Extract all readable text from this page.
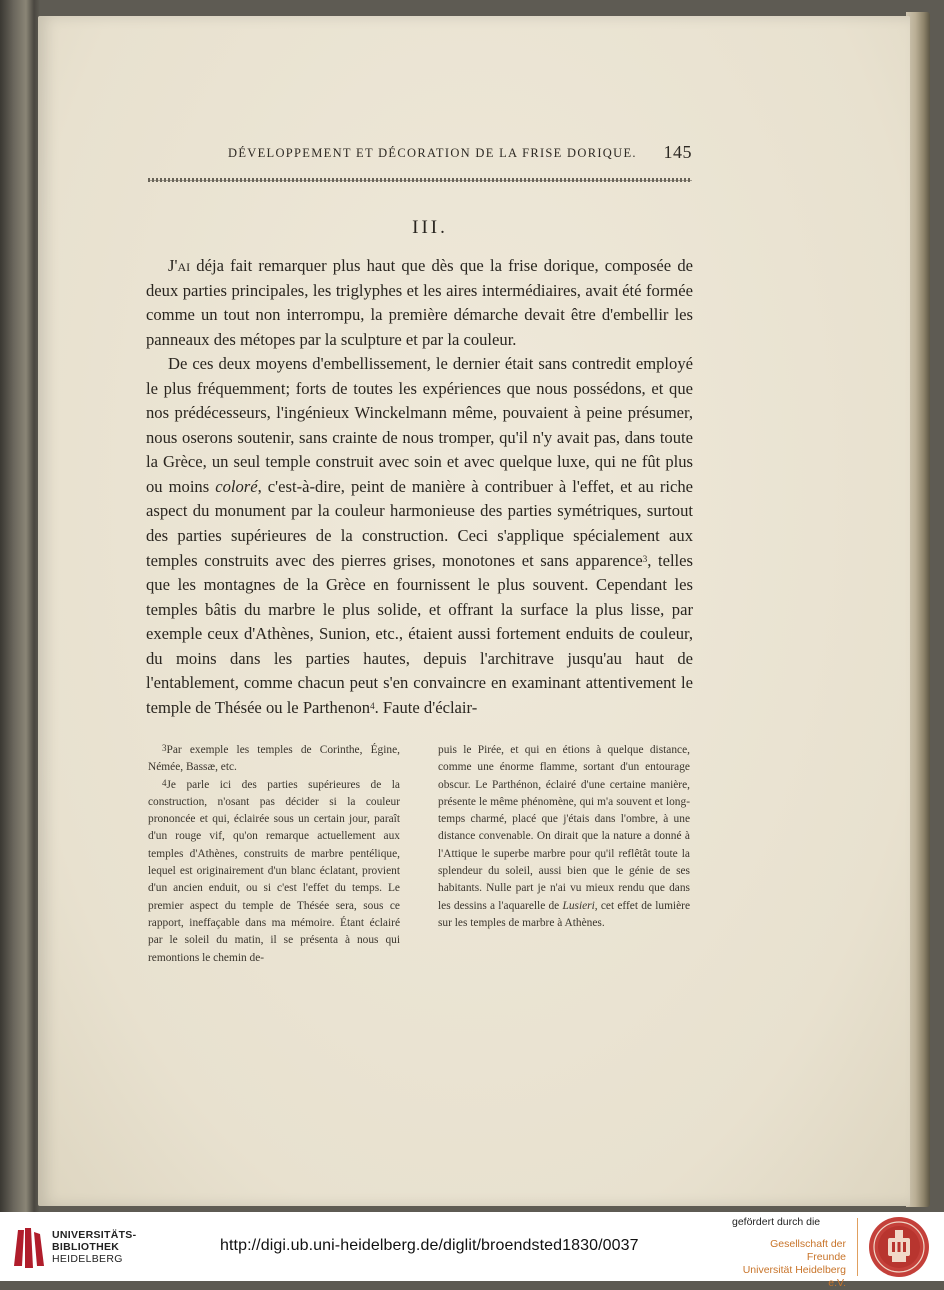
DÉVELOPPEMENT ET DÉCORATION DE LA FRISE DORIQUE. 145
III.

J'ai déja fait remarquer plus haut que dès que la frise dorique, composée de deux parties principales, les triglyphes et les aires intermédiaires, avait été formée comme un tout non interrompu, la première démarche devait être d'embellir les panneaux des métopes par la sculpture et par la couleur.

De ces deux moyens d'embellissement, le dernier était sans contredit employé le plus fréquemment; forts de toutes les expériences que nous possédons, et que nos prédécesseurs, l'ingénieux Winckelmann même, pouvaient à peine présumer, nous oserons soutenir, sans crainte de nous tromper, qu'il n'y avait pas, dans toute la Grèce, un seul temple construit avec soin et avec quelque luxe, qui ne fût plus ou moins coloré, c'est-à-dire, peint de manière à contribuer à l'effet, et au riche aspect du monument par la couleur harmonieuse des parties symétriques, surtout des parties supérieures de la construction. Ceci s'applique spécialement aux temples construits avec des pierres grises, monotones et sans apparence$^3$, telles que les montagnes de la Grèce en fournissent le plus souvent. Cependant les temples bâtis du marbre le plus solide, et offrant la surface la plus lisse, par exemple ceux d'Athènes, Sunion, etc., étaient aussi fortement enduits de couleur, du moins dans les parties hautes, depuis l'architrave jusqu'au haut de l'entablement, comme chacun peut s'en convaincre en examinant attentivement le temple de Thésée ou le Parthenon$^4$. Faute d'éclair-

$^3$Par exemple les temples de Corinthe, Égine, Némée, Bassæ, etc.

$^4$Je parle ici des parties supérieures de la construction, n'osant pas décider si la couleur prononcée et qui, éclairée sous un certain jour, paraît d'un rouge vif, qu'on remarque actuellement aux temples d'Athènes, construits de marbre pentélique, lequel est originairement d'un blanc éclatant, provient d'un ancien enduit, ou si c'est l'effet du temps. Le premier aspect du temple de Thésée sera, sous ce rapport, ineffaçable dans ma mémoire. Étant éclairé par le soleil du matin, il se présenta à nous qui remontions le chemin de-

puis le Pirée, et qui en étions à quelque distance, comme une énorme flamme, sortant d'un entourage obscur. Le Parthénon, éclairé d'une certaine manière, présente le même phénomène, qui m'a souvent et long-temps charmé, placé que j'étais dans l'ombre, à une distance convenable. On dirait que la nature a donné à l'Attique le superbe marbre pour qu'il reflêtât toute la splendeur du soleil, aussi bien que le génie de ses habitants. Nulle part je n'ai vu mieux rendu que dans les dessins a l'aquarelle de Lusieri, cet effet de lumière sur les temples de marbre à Athènes.

UNIVERSITÄTS-
BIBLIOTHEK
HEIDELBERG
http://digi.ub.uni-heidelberg.de/diglit/broendsted1830/0037
gefördert durch die
Gesellschaft der Freunde
Universität Heidelberg e.V.
